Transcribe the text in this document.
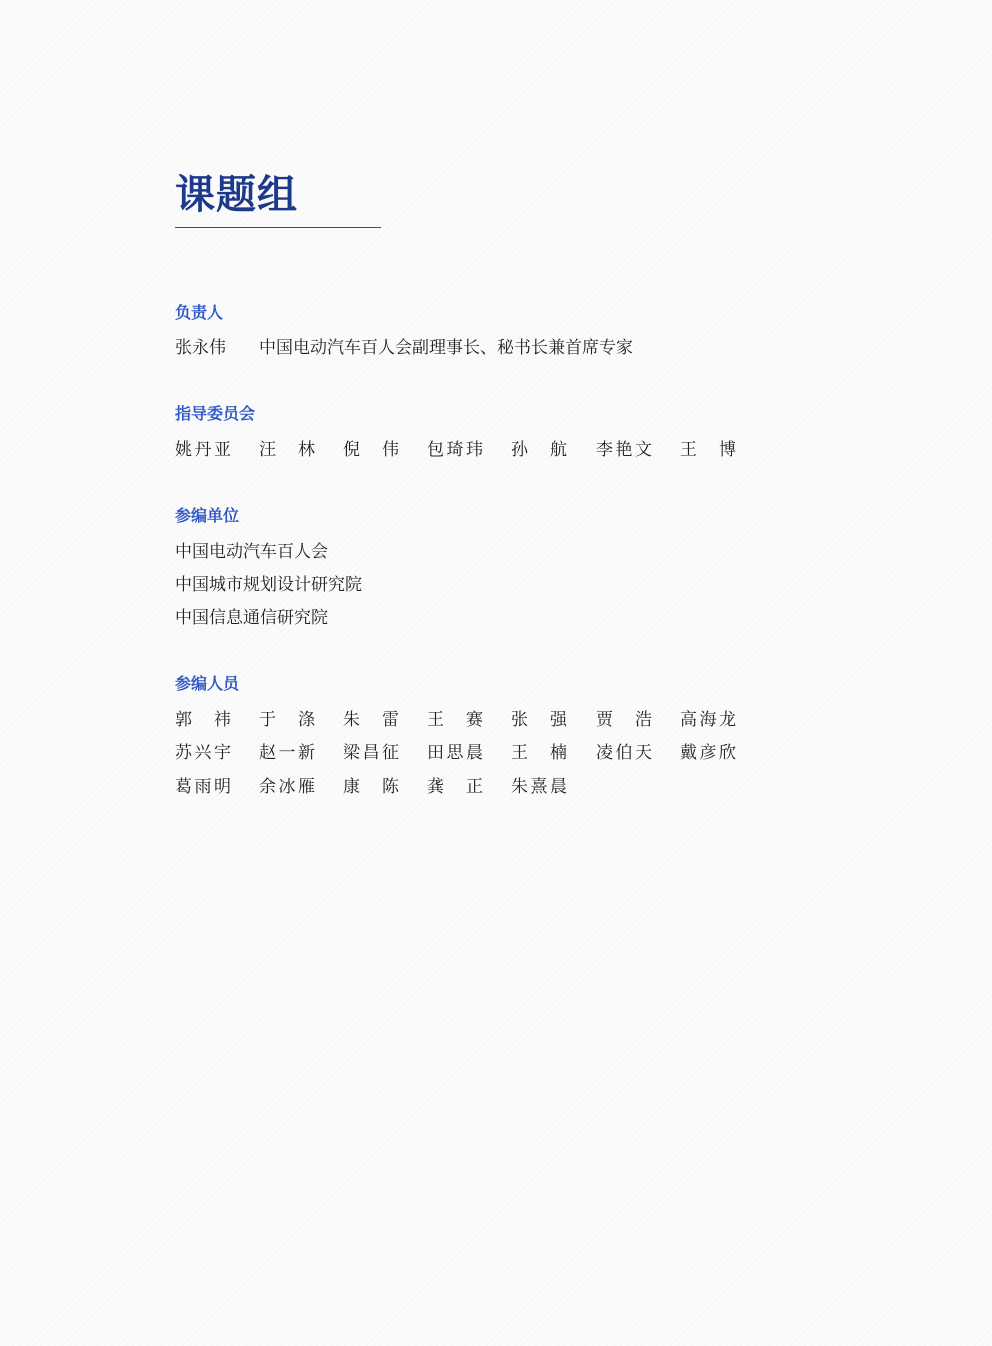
课题组
负责人
张永伟 中国电动汽车百人会副理事长、秘书长兼首席专家
指导委员会
姚 丹 亚 汪 林 倪 伟 包 琦 玮 孙 航 李 艳 文 王 博
参编单位
中国电动汽车百人会
中国城市规划设计研究院
中国信息通信研究院
参编人员
郭 祎 于 涤 朱 雷 王 赛 张 强 贾 浩 高 海 龙
苏 兴 宇 赵 一 新 梁 昌 征 田 思 晨 王 楠 凌 伯 天 戴 彦 欣
葛 雨 明 余 冰 雁 康 陈 龚 正 朱 熹 晨
